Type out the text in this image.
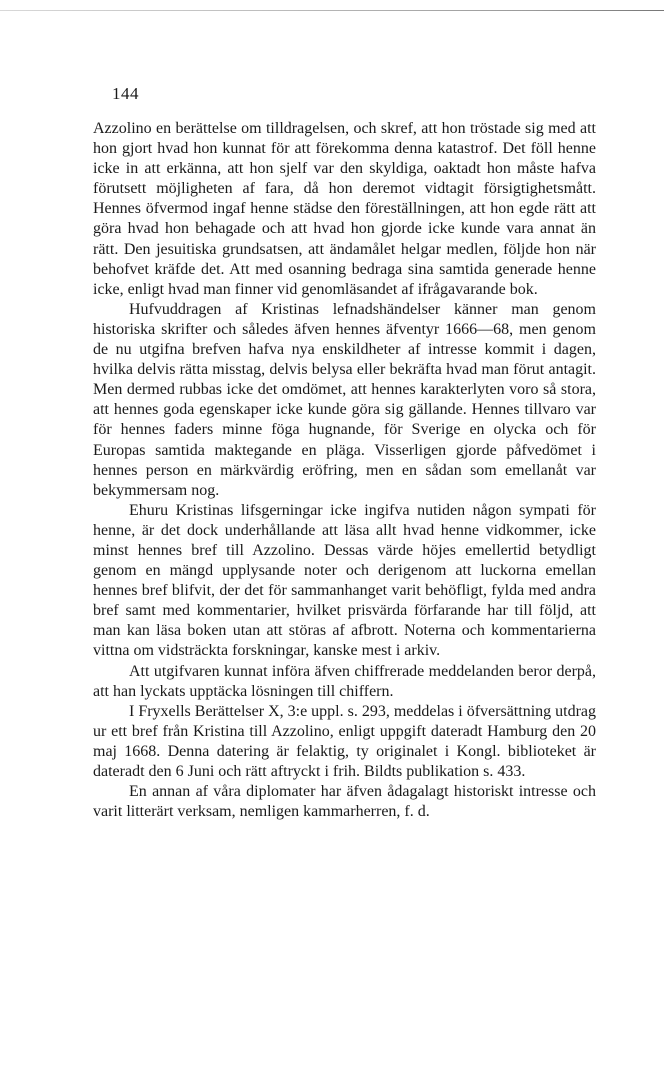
144

Azzolino en berättelse om tilldragelsen, och skref, att hon tröstade sig med att hon gjort hvad hon kunnat för att förekomma denna katastrof. Det föll henne icke in att erkänna, att hon sjelf var den skyldiga, oaktadt hon måste hafva förutsett möjligheten af fara, då hon deremot vidtagit försigtighetsmått. Hennes öfvermod ingaf henne städse den föreställningen, att hon egde rätt att göra hvad hon behagade och att hvad hon gjorde icke kunde vara annat än rätt. Den jesuitiska grundsatsen, att ändamålet helgar medlen, följde hon när behofvet kräfde det. Att med osanning bedraga sina samtida generade henne icke, enligt hvad man finner vid genomläsandet af ifrågavarande bok.

Hufvuddragen af Kristinas lefnadshändelser känner man genom historiska skrifter och således äfven hennes äfventyr 1666—68, men genom de nu utgifna brefven hafva nya enskildheter af intresse kommit i dagen, hvilka delvis rätta misstag, delvis belysa eller bekräfta hvad man förut antagit. Men dermed rubbas icke det omdömet, att hennes karakterlyten voro så stora, att hennes goda egenskaper icke kunde göra sig gällande. Hennes tillvaro var för hennes faders minne föga hugnande, för Sverige en olycka och för Europas samtida maktegande en pläga. Visserligen gjorde påfvedömet i hennes person en märkvärdig eröfring, men en sådan som emellanåt var bekymmersam nog.

Ehuru Kristinas lifsgerningar icke ingifva nutiden någon sympati för henne, är det dock underhållande att läsa allt hvad henne vidkommer, icke minst hennes bref till Azzolino. Dessas värde höjes emellertid betydligt genom en mängd upplysande noter och derigenom att luckorna emellan hennes bref blifvit, der det för sammanhanget varit behöfligt, fylda med andra bref samt med kommentarier, hvilket prisvärda förfarande har till följd, att man kan läsa boken utan att störas af afbrott. Noterna och kommentarierna vittna om vidsträckta forskningar, kanske mest i arkiv.

Att utgifvaren kunnat införa äfven chiffrerade meddelanden beror derpå, att han lyckats upptäcka lösningen till chiffern.

I Fryxells Berättelser X, 3:e uppl. s. 293, meddelas i öfversättning utdrag ur ett bref från Kristina till Azzolino, enligt uppgift dateradt Hamburg den 20 maj 1668. Denna datering är felaktig, ty originalet i Kongl. biblioteket är dateradt den 6 Juni och rätt aftryckt i frih. Bildts publikation s. 433.

En annan af våra diplomater har äfven ådagalagt historiskt intresse och varit litterärt verksam, nemligen kammarherren, f. d.
